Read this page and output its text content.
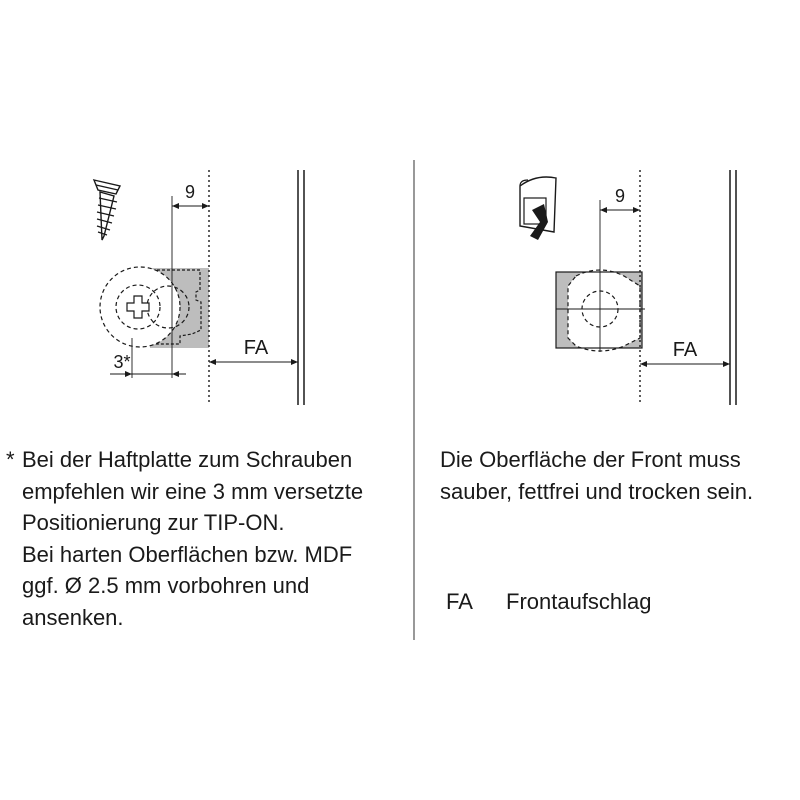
9
FA
3*
9
FA
* Bei der Haftplatte zum Schrauben
empfehlen wir eine 3 mm versetzte
Positionierung zur TIP-ON.
Bei harten Oberflächen bzw. MDF
ggf. Ø 2.5 mm vorbohren und
ansenken.
Die Oberfläche der Front muss
sauber, fettfrei und trocken sein.
FA Frontaufschlag
